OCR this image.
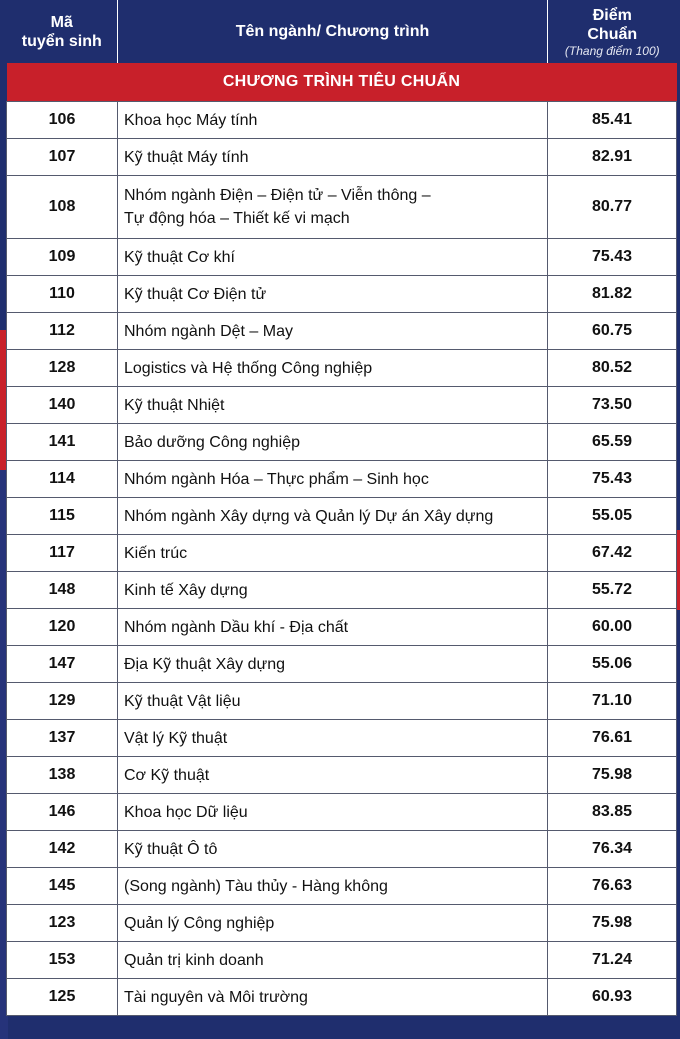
Mã
tuyển sinh	Tên ngành/ Chương trình	Điểm
Chuẩn
(Thang điểm 100)

CHƯƠNG TRÌNH TIÊU CHUẨN		
106	Khoa học Máy tính	85.41
107	Kỹ thuật Máy tính	82.91
108	Nhóm ngành Điện – Điện tử – Viễn thông –
Tự động hóa – Thiết kế vi mạch	80.77
109	Kỹ thuật Cơ khí	75.43
110	Kỹ thuật Cơ Điện tử	81.82
112	Nhóm ngành Dệt – May	60.75
128	Logistics và Hệ thống Công nghiệp	80.52
140	Kỹ thuật Nhiệt	73.50
141	Bảo dưỡng Công nghiệp	65.59
114	Nhóm ngành Hóa – Thực phẩm – Sinh học	75.43
115	Nhóm ngành Xây dựng và Quản lý Dự án Xây dựng	55.05
117	Kiến trúc	67.42
148	Kinh tế Xây dựng	55.72
120	Nhóm ngành Dầu khí - Địa chất	60.00
147	Địa Kỹ thuật Xây dựng	55.06
129	Kỹ thuật Vật liệu	71.10
137	Vật lý Kỹ thuật	76.61
138	Cơ Kỹ thuật	75.98
146	Khoa học Dữ liệu	83.85
142	Kỹ thuật Ô tô	76.34
145	(Song ngành) Tàu thủy - Hàng không	76.63
123	Quản lý Công nghiệp	75.98
153	Quản trị kinh doanh	71.24
125	Tài nguyên và Môi trường	60.93
